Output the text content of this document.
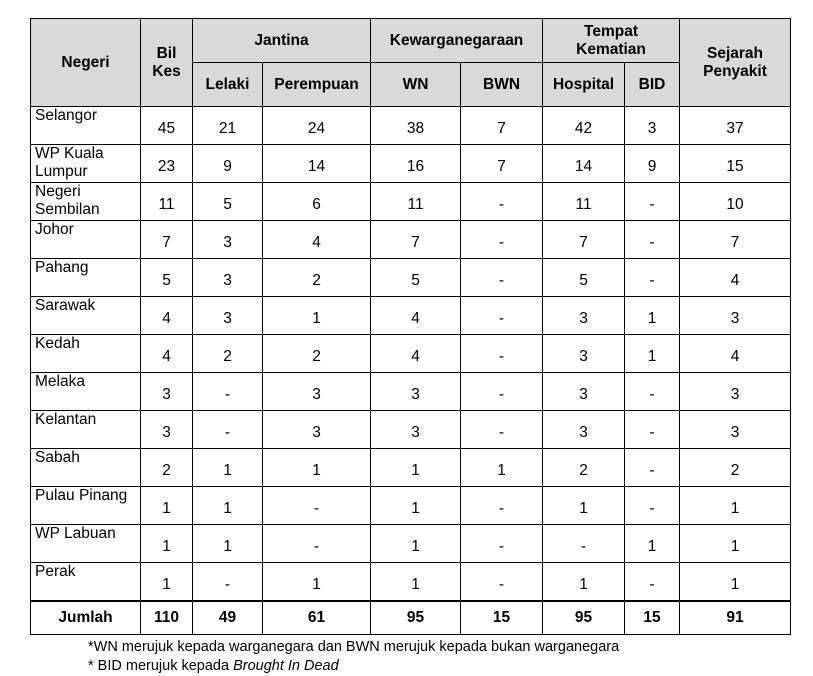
Negeri	Bil Kes	Jantina		Kewarganegaraan		Tempat Kematian		Sejarah Penyakit

		Lelaki	Perempuan	WN	BWN	Hospital	BID	
Selangor	45	21	24	38	7	42	3	37
WP Kuala Lumpur	23	9	14	16	7	14	9	15
Negeri Sembilan	11	5	6	11	-	11	-	10
Johor	7	3	4	7	-	7	-	7
Pahang	5	3	2	5	-	5	-	4
Sarawak	4	3	1	4	-	3	1	3
Kedah	4	2	2	4	-	3	1	4
Melaka	3	-	3	3	-	3	-	3
Kelantan	3	-	3	3	-	3	-	3
Sabah	2	1	1	1	1	2	-	2
Pulau Pinang	1	1	-	1	-	1	-	1
WP Labuan	1	1	-	1	-	-	1	1
Perak	1	-	1	1	-	1	-	1
Jumlah	110	49	61	95	15	95	15	91
*WN merujuk kepada warganegara dan BWN merujuk kepada bukan warganegara
* BID merujuk kepada Brought In Dead
